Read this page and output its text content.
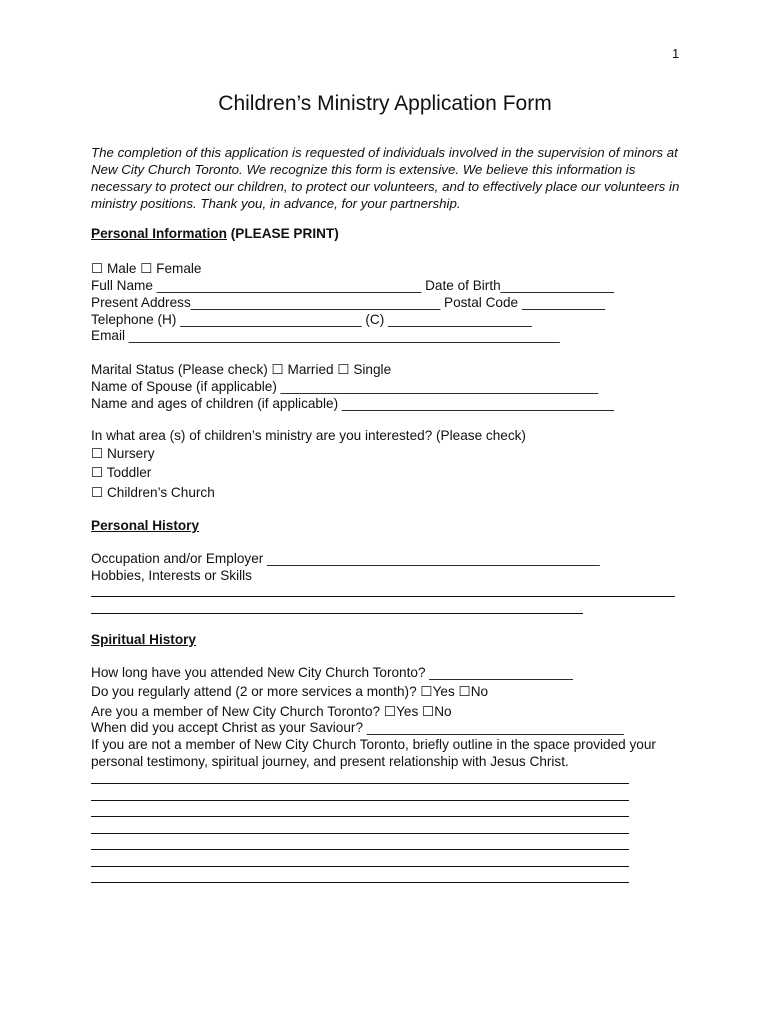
1
Children’s Ministry Application Form

The completion of this application is requested of individuals involved in the supervision of minors at New City Church Toronto. We recognize this form is extensive. We believe this information is necessary to protect our children, to protect our volunteers, and to effectively place our volunteers in ministry positions. Thank you, in advance, for your partnership.

Personal Information (PLEASE PRINT)
☐ Male ☐ Female
Full Name ___________________________________ Date of Birth_______________
Present Address_________________________________ Postal Code ___________
Telephone (H) ________________________ (C) ___________________
Email _________________________________________________________
Marital Status (Please check) ☐ Married ☐ Single
Name of Spouse (if applicable) __________________________________________
Name and ages of children (if applicable) ____________________________________
In what area (s) of children’s ministry are you interested? (Please check)
☐ Nursery
☐ Toddler
☐ Children’s Church
Personal History
Occupation and/or Employer ____________________________________________
Hobbies, Interests or Skills
Spiritual History
How long have you attended New City Church Toronto? ___________________
Do you regularly attend (2 or more services a month)? ☐Yes ☐No
Are you a member of New City Church Toronto? ☐Yes ☐No
When did you accept Christ as your Saviour? __________________________________
If you are not a member of New City Church Toronto, briefly outline in the space provided your
personal testimony, spiritual journey, and present relationship with Jesus Christ.
